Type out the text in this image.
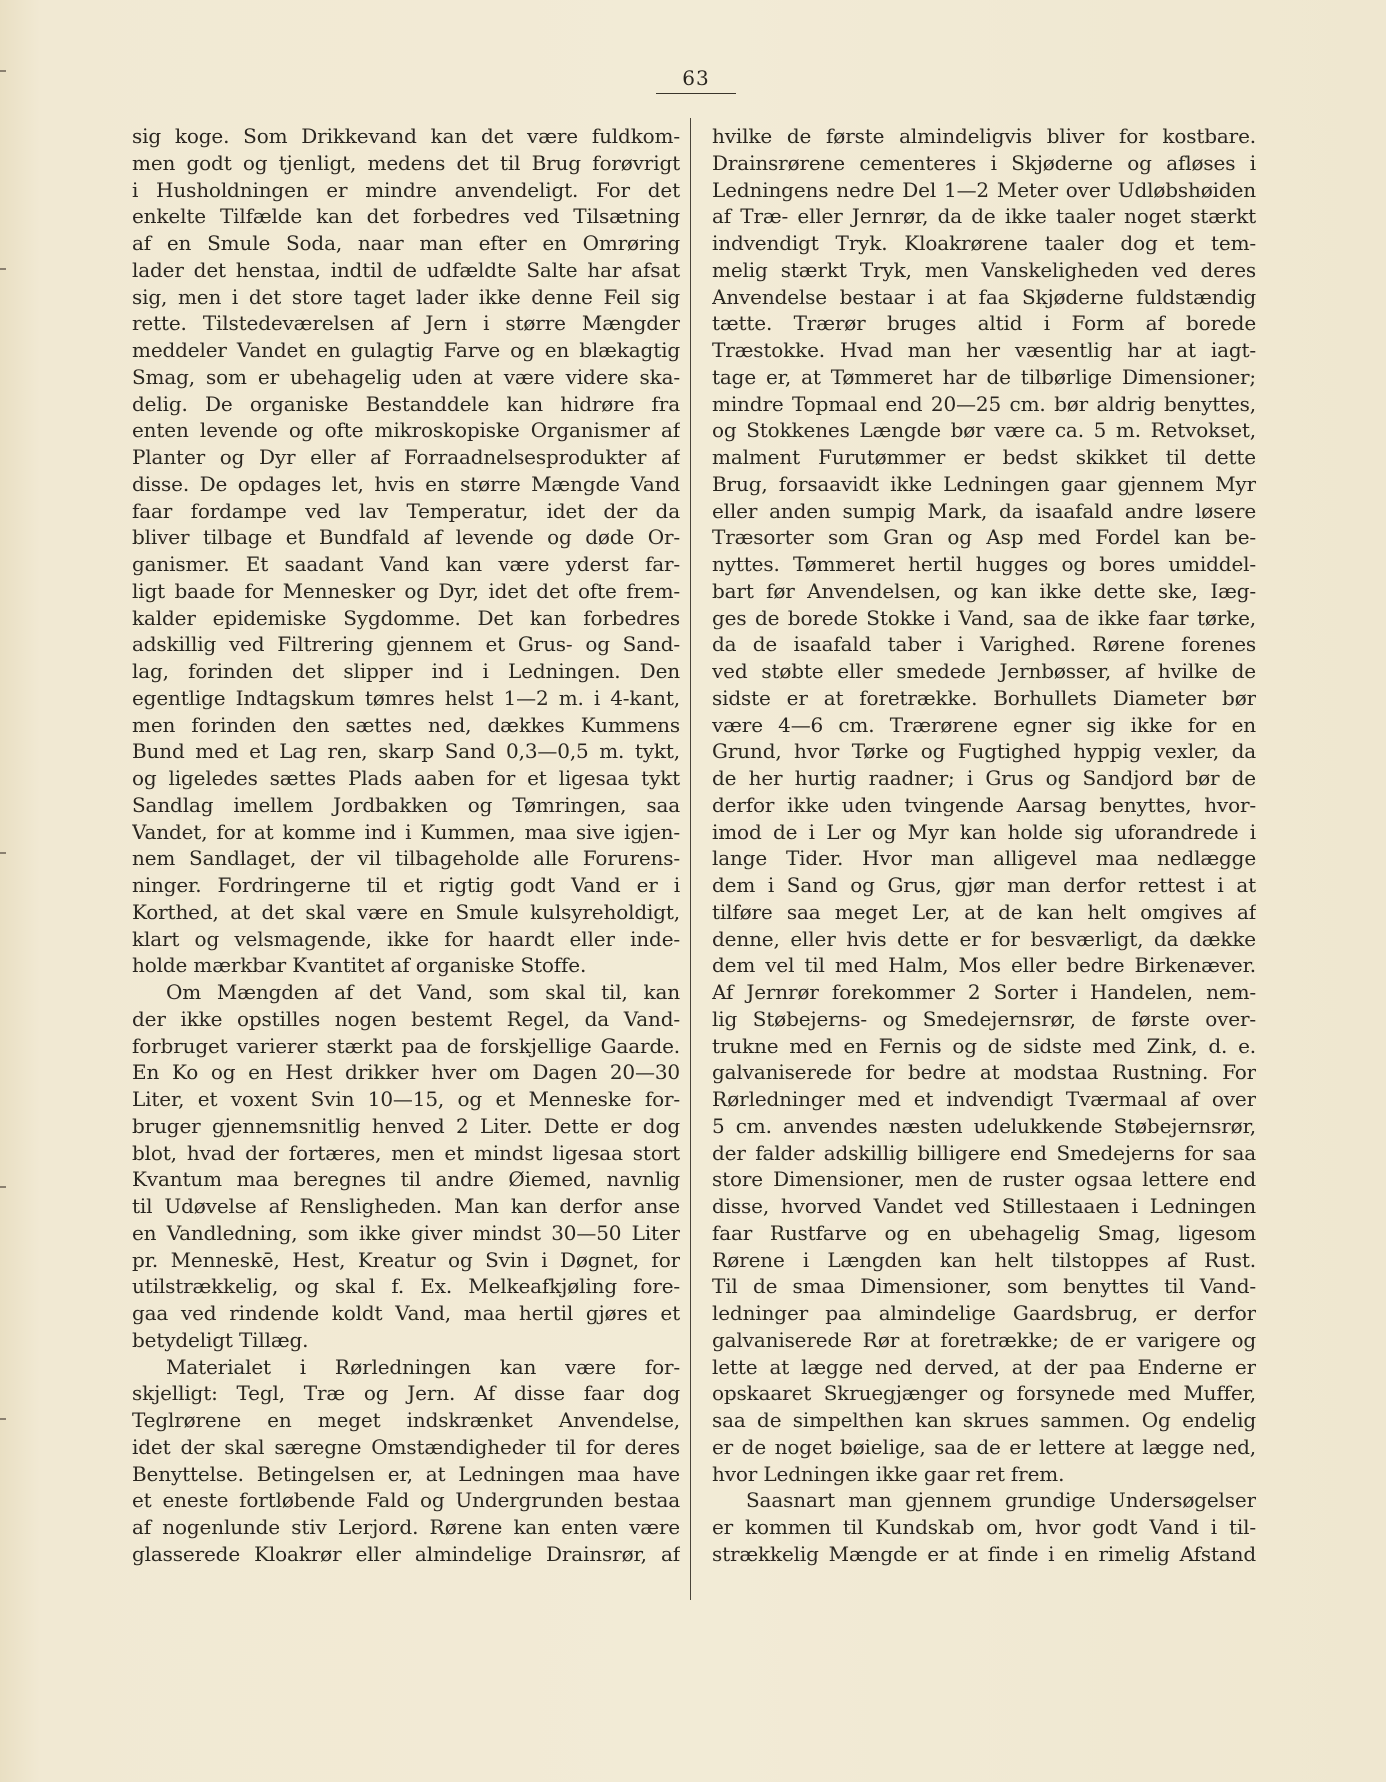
63
sig koge. Som Drikkevand kan det være fuldkom-
men godt og tjenligt, medens det til Brug forøvrigt
i Husholdningen er mindre anvendeligt. For det
enkelte Tilfælde kan det forbedres ved Tilsætning
af en Smule Soda, naar man efter en Omrøring
lader det henstaa, indtil de udfældte Salte har afsat
sig, men i det store taget lader ikke denne Feil sig
rette. Tilstedeværelsen af Jern i større Mængder
meddeler Vandet en gulagtig Farve og en blækagtig
Smag, som er ubehagelig uden at være videre ska-
delig. De organiske Bestanddele kan hidrøre fra
enten levende og ofte mikroskopiske Organismer af
Planter og Dyr eller af Forraadnelsesprodukter af
disse. De opdages let, hvis en større Mængde Vand
faar fordampe ved lav Temperatur, idet der da
bliver tilbage et Bundfald af levende og døde Or-
ganismer. Et saadant Vand kan være yderst far-
ligt baade for Mennesker og Dyr, idet det ofte frem-
kalder epidemiske Sygdomme. Det kan forbedres
adskillig ved Filtrering gjennem et Grus- og Sand-
lag, forinden det slipper ind i Ledningen. Den
egentlige Indtagskum tømres helst 1—2 m. i 4-kant,
men forinden den sættes ned, dækkes Kummens
Bund med et Lag ren, skarp Sand 0,3—0,5 m. tykt,
og ligeledes sættes Plads aaben for et ligesaa tykt
Sandlag imellem Jordbakken og Tømringen, saa
Vandet, for at komme ind i Kummen, maa sive igjen-
nem Sandlaget, der vil tilbageholde alle Forurens-
ninger. Fordringerne til et rigtig godt Vand er i
Korthed, at det skal være en Smule kulsyreholdigt,
klart og velsmagende, ikke for haardt eller inde-
holde mærkbar Kvantitet af organiske Stoffe.
Om Mængden af det Vand, som skal til, kan
der ikke opstilles nogen bestemt Regel, da Vand-
forbruget varierer stærkt paa de forskjellige Gaarde.
En Ko og en Hest drikker hver om Dagen 20—30
Liter, et voxent Svin 10—15, og et Menneske for-
bruger gjennemsnitlig henved 2 Liter. Dette er dog
blot, hvad der fortæres, men et mindst ligesaa stort
Kvantum maa beregnes til andre Øiemed, navnlig
til Udøvelse af Rensligheden. Man kan derfor anse
en Vandledning, som ikke giver mindst 30—50 Liter
pr. Menneskē, Hest, Kreatur og Svin i Døgnet, for
utilstrækkelig, og skal f. Ex. Melkeafkjøling fore-
gaa ved rindende koldt Vand, maa hertil gjøres et
betydeligt Tillæg.
Materialet i Rørledningen kan være for-
skjelligt: Tegl, Træ og Jern. Af disse faar dog
Teglrørene en meget indskrænket Anvendelse,
idet der skal særegne Omstændigheder til for deres
Benyttelse. Betingelsen er, at Ledningen maa have
et eneste fortløbende Fald og Undergrunden bestaa
af nogenlunde stiv Lerjord. Rørene kan enten være
glasserede Kloakrør eller almindelige Drainsrør, af
hvilke de første almindeligvis bliver for kostbare.
Drainsrørene cementeres i Skjøderne og afløses i
Ledningens nedre Del 1—2 Meter over Udløbshøiden
af Træ- eller Jernrør, da de ikke taaler noget stærkt
indvendigt Tryk. Kloakrørene taaler dog et tem-
melig stærkt Tryk, men Vanskeligheden ved deres
Anvendelse bestaar i at faa Skjøderne fuldstændig
tætte. Trærør bruges altid i Form af borede
Træstokke. Hvad man her væsentlig har at iagt-
tage er, at Tømmeret har de tilbørlige Dimensioner;
mindre Topmaal end 20—25 cm. bør aldrig benyttes,
og Stokkenes Længde bør være ca. 5 m. Retvokset,
malment Furutømmer er bedst skikket til dette
Brug, forsaavidt ikke Ledningen gaar gjennem Myr
eller anden sumpig Mark, da isaafald andre løsere
Træsorter som Gran og Asp med Fordel kan be-
nyttes. Tømmeret hertil hugges og bores umiddel-
bart før Anvendelsen, og kan ikke dette ske, Iæg-
ges de borede Stokke i Vand, saa de ikke faar tørke,
da de isaafald taber i Varighed. Rørene forenes
ved støbte eller smedede Jernbøsser, af hvilke de
sidste er at foretrække. Borhullets Diameter bør
være 4—6 cm. Trærørene egner sig ikke for en
Grund, hvor Tørke og Fugtighed hyppig vexler, da
de her hurtig raadner; i Grus og Sandjord bør de
derfor ikke uden tvingende Aarsag benyttes, hvor-
imod de i Ler og Myr kan holde sig uforandrede i
lange Tider. Hvor man alligevel maa nedlægge
dem i Sand og Grus, gjør man derfor rettest i at
tilføre saa meget Ler, at de kan helt omgives af
denne, eller hvis dette er for besværligt, da dække
dem vel til med Halm, Mos eller bedre Birkenæver.
Af Jernrør forekommer 2 Sorter i Handelen, nem-
lig Støbejerns- og Smedejernsrør, de første over-
trukne med en Fernis og de sidste med Zink, d. e.
galvaniserede for bedre at modstaa Rustning. For
Rørledninger med et indvendigt Tværmaal af over
5 cm. anvendes næsten udelukkende Støbejernsrør,
der falder adskillig billigere end Smedejerns for saa
store Dimensioner, men de ruster ogsaa lettere end
disse, hvorved Vandet ved Stillestaaen i Ledningen
faar Rustfarve og en ubehagelig Smag, ligesom
Rørene i Længden kan helt tilstoppes af Rust.
Til de smaa Dimensioner, som benyttes til Vand-
ledninger paa almindelige Gaardsbrug, er derfor
galvaniserede Rør at foretrække; de er varigere og
lette at lægge ned derved, at der paa Enderne er
opskaaret Skruegjænger og forsynede med Muffer,
saa de simpelthen kan skrues sammen. Og endelig
er de noget bøielige, saa de er lettere at lægge ned,
hvor Ledningen ikke gaar ret frem.
Saasnart man gjennem grundige Undersøgelser
er kommen til Kundskab om, hvor godt Vand i til-
strækkelig Mængde er at finde i en rimelig Afstand
